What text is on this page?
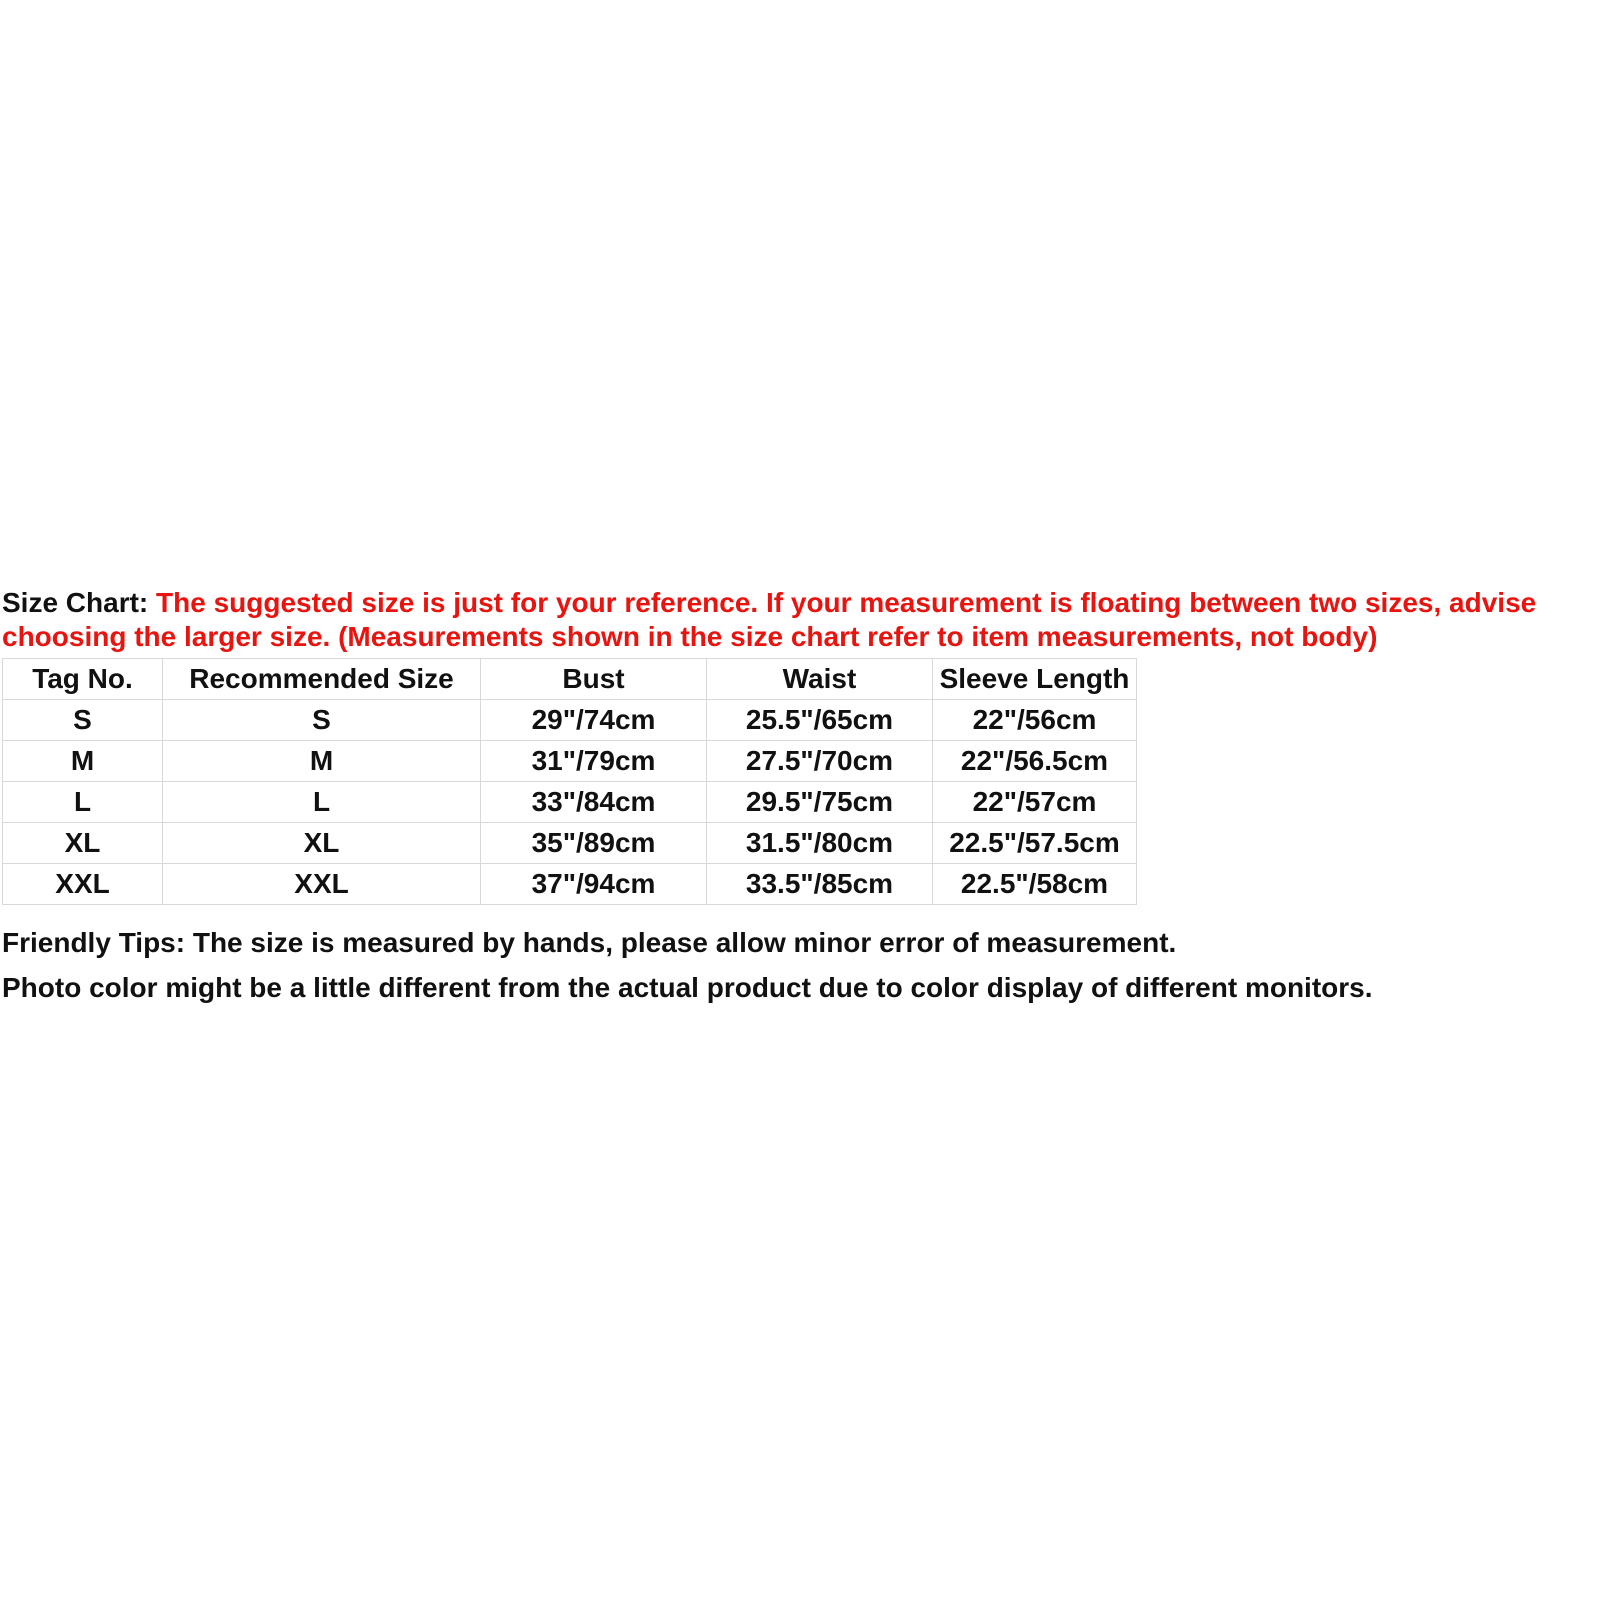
Size Chart: The suggested size is just for your reference. If your measurement is floating between two sizes, advise
choosing the larger size. (Measurements shown in the size chart refer to item measurements, not body)
Tag No.	Recommended Size	Bust	Waist	Sleeve Length
S	S	29"/74cm	25.5"/65cm	22"/56cm
M	M	31"/79cm	27.5"/70cm	22"/56.5cm
L	L	33"/84cm	29.5"/75cm	22"/57cm
XL	XL	35"/89cm	31.5"/80cm	22.5"/57.5cm
XXL	XXL	37"/94cm	33.5"/85cm	22.5"/58cm
Friendly Tips: The size is measured by hands, please allow minor error of measurement.
Photo color might be a little different from the actual product due to color display of different monitors.
